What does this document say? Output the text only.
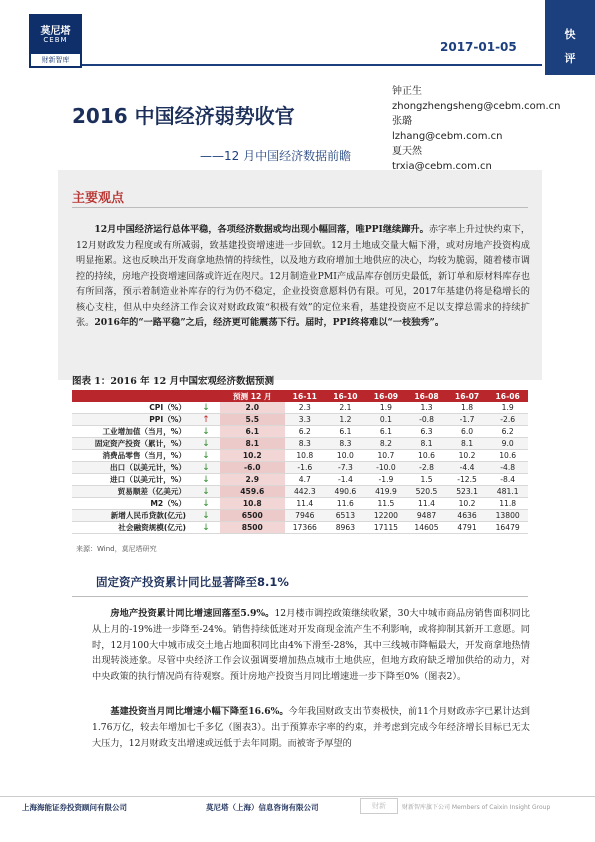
莫尼塔
CEBM
财新智库
2017-01-05
快
评
2016 中国经济弱势收官
——12 月中国经济数据前瞻
钟正生
zhongzhengsheng@cebm.com.cn
张璐
lzhang@cebm.com.cn
夏天然
trxia@cebm.com.cn
主要观点
12月中国经济运行总体平稳，各项经济数据或均出现小幅回落，唯PPI继续蹿升。赤字率上升过快约束下，12月财政发力程度或有所减弱，致基建投资增速进一步回软。12月土地成交量大幅下滑，或对房地产投资构成明显拖累。这也反映出开发商拿地热情的持续性，以及地方政府增加土地供应的决心，均较为脆弱，随着楼市调控的持续，房地产投资增速回落或许近在咫尺。12月制造业PMI产成品库存创历史最低，新订单和原材料库存也有所回落，预示着制造业补库存的行为仍不稳定，企业投资意愿料仍有限。可见，2017年基建仍将是稳增长的核心支柱，但从中央经济工作会议对财政政策“积极有效”的定位来看，基建投资应不足以支撑总需求的持续扩张。2016年的“一路平稳”之后，经济更可能震荡下行。届时，PPI终将难以“一枝独秀”。
图表 1：2016 年 12 月中国宏观经济数据预测
		预测 12 月	16-11	16-10	16-09	16-08	16-07	16-06
CPI（%）	↓	2.0	2.3	2.1	1.9	1.3	1.8	1.9
PPI（%）	↑	5.5	3.3	1.2	0.1	-0.8	-1.7	-2.6
工业增加值（当月，%）	↓	6.1	6.2	6.1	6.1	6.3	6.0	6.2
固定资产投资（累计，%）	↓	8.1	8.3	8.3	8.2	8.1	8.1	9.0
消费品零售（当月，%）	↓	10.2	10.8	10.0	10.7	10.6	10.2	10.6
出口（以美元计，%）	↓	-6.0	-1.6	-7.3	-10.0	-2.8	-4.4	-4.8
进口（以美元计，%）	↓	2.9	4.7	-1.4	-1.9	1.5	-12.5	-8.4
贸易顺差（亿美元）	↓	459.6	442.3	490.6	419.9	520.5	523.1	481.1
M2（%）	↓	10.8	11.4	11.6	11.5	11.4	10.2	11.8
新增人民币贷款(亿元)	↓	6500	7946	6513	12200	9487	4636	13800
社会融资规模(亿元)	↓	8500	17366	8963	17115	14605	4791	16479
来源：Wind，莫尼塔研究
固定资产投资累计同比显著降至8.1%
房地产投资累计同比增速回落至5.9%。12月楼市调控政策继续收紧，30大中城市商品房销售面积同比从上月的-19%进一步降至-24%。销售持续低迷对开发商现金流产生不利影响，或将抑制其新开工意愿。同时，12月100大中城市成交土地占地面积同比由4%下滑至-28%，其中三线城市降幅最大，开发商拿地热情出现转淡迹象。尽管中央经济工作会议强调要增加热点城市土地供应，但地方政府缺乏增加供给的动力，对中央政策的执行情况尚有待观察。预计房地产投资当月同比增速进一步下降至0%（图表2）。
基建投资当月同比增速小幅下降至16.6%。今年我国财政支出节奏极快，前11个月财政赤字已累计达到1.76万亿，较去年增加七千多亿（图表3）。出于预算赤字率的约束，并考虑到完成今年经济增长目标已无太大压力，12月财政支出增速或远低于去年同期。而被寄予厚望的
上海海能证券投资顾问有限公司	莫尼塔（上海）信息咨询有限公司	财新	财新智库旗下公司 Members of Caixin Insight Group
